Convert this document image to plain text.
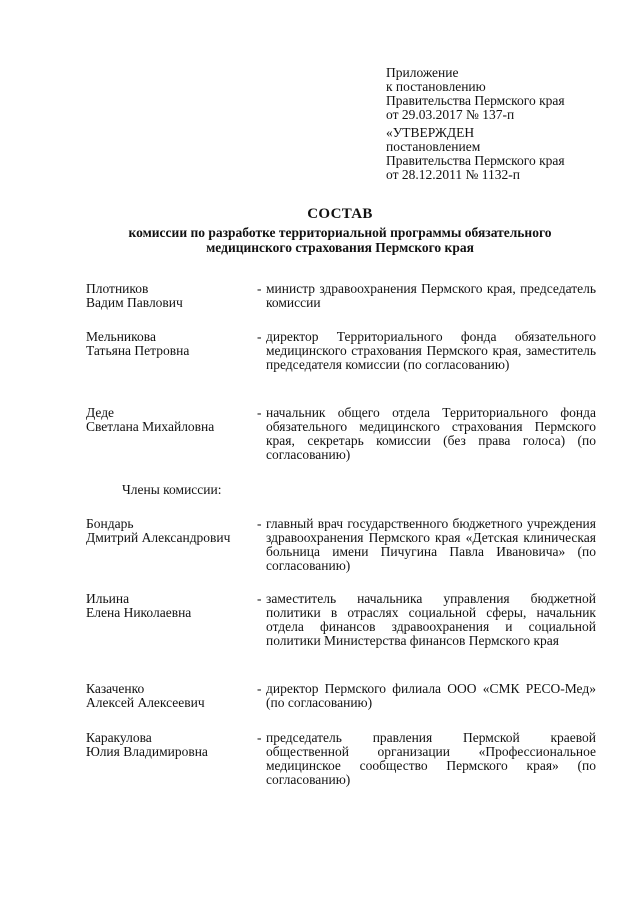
Приложение
к постановлению
Правительства Пермского края
от 29.03.2017 № 137-п
«УТВЕРЖДЕН
постановлением
Правительства Пермского края
от 28.12.2011 № 1132-п
СОСТАВ
комиссии по разработке территориальной программы обязательного
медицинского страхования Пермского края
Плотников
Вадим Павлович
- министр здравоохранения Пермского края, председатель комиссии
Мельникова
Татьяна Петровна
- директор Территориального фонда обязательного медицинского страхования Пермского края, заместитель председателя комиссии (по согласованию)
Деде
Светлана Михайловна
- начальник общего отдела Территориального фонда обязательного медицинского страхования Пермского края, секретарь комиссии (без права голоса) (по согласованию)
Члены комиссии:
Бондарь
Дмитрий Александрович
- главный врач государственного бюджетного учреждения здравоохранения Пермского края «Детская клиническая больница имени Пичугина Павла Ивановича» (по согласованию)
Ильина
Елена Николаевна
- заместитель начальника управления бюджетной политики в отраслях социальной сферы, начальник отдела финансов здравоохранения и социальной политики Министерства финансов Пермского края
Казаченко
Алексей Алексеевич
- директор Пермского филиала ООО «СМК РЕСО-Мед» (по согласованию)
Каракулова
Юлия Владимировна
- председатель правления Пермской краевой общественной организации «Профессиональное медицинское сообщество Пермского края» (по согласованию)
